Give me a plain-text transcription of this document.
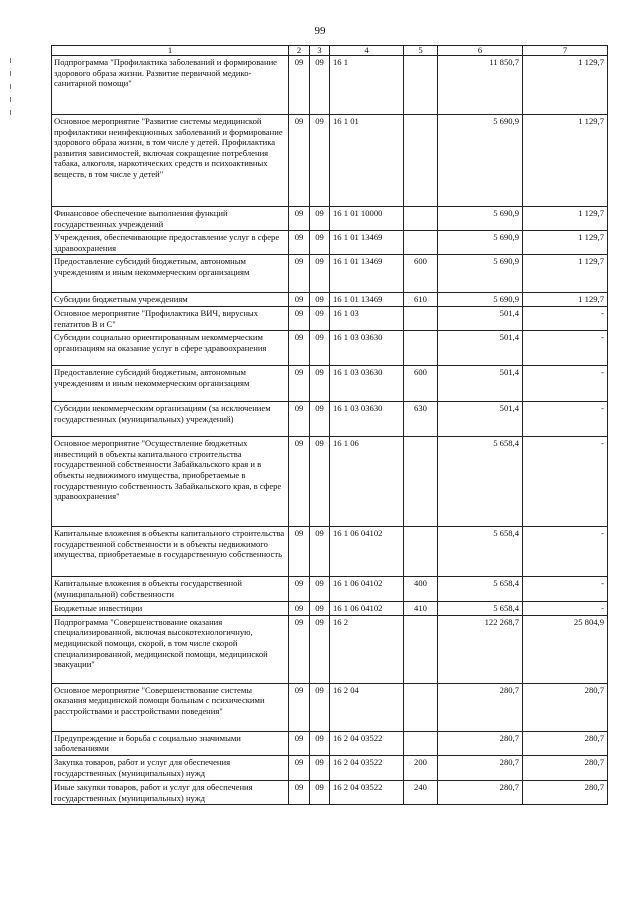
99
1	2	3	4	5	6	7
Подпрограмма "Профилактика заболеваний и формирование здорового образа жизни. Развитие первичной медико-санитарной помощи"	09	09	16 1		11 850,7	1 129,7
Основное мероприятие "Развитие системы медицинской профилактики неинфекционных заболеваний и формирование здорового образа жизни, в том числе у детей. Профилактика развития зависимостей, включая сокращение потребления табака, алкоголя, наркотических средств и психоактивных веществ, в том числе у детей"	09	09	16 1 01		5 690,9	1 129,7
Финансовое обеспечение выполнения функций государственных учреждений	09	09	16 1 01 10000		5 690,9	1 129,7
Учреждения, обеспечивающие предоставление услуг в сфере здравоохранения	09	09	16 1 01 13469		5 690,9	1 129,7
Предоставление субсидий бюджетным, автономным учреждениям и иным некоммерческим организациям	09	09	16 1 01 13469	600	5 690,9	1 129,7
Субсидии бюджетным учреждениям	09	09	16 1 01 13469	610	5 690,9	1 129,7
Основное мероприятие "Профилактика ВИЧ, вирусных гепатитов В и С"	09	09	16 1 03		501,4	-
Субсидии социально ориентированным некоммерческим организациям на оказание услуг в сфере здравоохранения	09	09	16 1 03 03630		501,4	-
Предоставление субсидий бюджетным, автономным учреждениям и иным некоммерческим организациям	09	09	16 1 03 03630	600	501,4	-
Субсидии некоммерческим организациям (за исключением государственных (муниципальных) учреждений)	09	09	16 1 03 03630	630	501,4	-
Основное мероприятие "Осуществление бюджетных инвестиций в объекты капитального строительства государственной собственности Забайкальского края и в объекты недвижимого имущества, приобретаемые в государственную собственность Забайкальского края, в сфере здравоохранения"	09	09	16 1 06		5 658,4	-
Капитальные вложения в объекты капитального строительства государственной собственности и в объекты недвижимого имущества, приобретаемые в государственную собственность	09	09	16 1 06 04102		5 658,4	-
Капитальные вложения в объекты государственной (муниципальной) собственности	09	09	16 1 06 04102	400	5 658,4	-
Бюджетные инвестиции	09	09	16 1 06 04102	410	5 658,4	-
Подпрограмма "Совершенствование оказания специализированной, включая высокотехнологичную, медицинской помощи, скорой, в том числе скорой специализированной, медицинской помощи, медицинской эвакуации"	09	09	16 2		122 268,7	25 804,9
Основное мероприятие "Совершенствование системы оказания медицинской помощи больным с психическими расстройствами и расстройствами поведения"	09	09	16 2 04		280,7	280,7
Предупреждение и борьба с социально значимыми заболеваниями	09	09	16 2 04 03522		280,7	280,7
Закупка товаров, работ и услуг для обеспечения государственных (муниципальных) нужд	09	09	16 2 04 03522	200	280,7	280,7
Иные закупки товаров, работ и услуг для обеспечения государственных (муниципальных) нужд	09	09	16 2 04 03522	240	280,7	280,7
